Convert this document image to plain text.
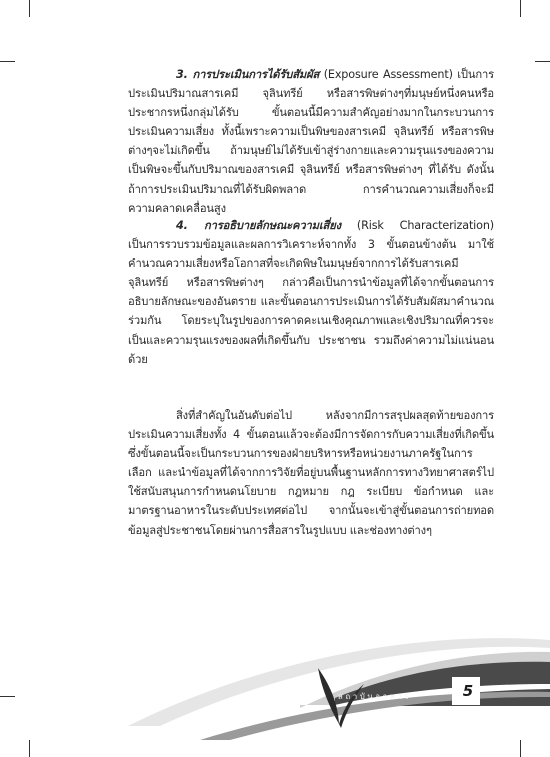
3. การประเมินการได้รับสัมผัส (Exposure Assessment) เป็นการประเมินปริมาณสารเคมี จุลินทรีย์ หรือสารพิษต่างๆที่มนุษย์หนึ่งคนหรือประชากรหนึ่งกลุ่มได้รับ ขั้นตอนนี้มีความสำคัญอย่างมากในกระบวนการประเมินความเสี่ยง ทั้งนี้เพราะความเป็นพิษของสารเคมี จุลินทรีย์ หรือสารพิษต่างๆจะไม่เกิดขึ้น ถ้ามนุษย์ไม่ได้รับเข้าสู่ร่างกายและความรุนแรงของความเป็นพิษจะขึ้นกับปริมาณของสารเคมี จุลินทรีย์ หรือสารพิษต่างๆ ที่ได้รับ ดังนั้นถ้าการประเมินปริมาณที่ได้รับผิดพลาด การคำนวณความเสี่ยงก็จะมีความคลาดเคลื่อนสูง

4. การอธิบายลักษณะความเสี่ยง (Risk Characterization) เป็นการรวบรวมข้อมูลและผลการวิเคราะห์จากทั้ง 3 ขั้นตอนข้างต้น มาใช้คำนวณความเสี่ยงหรือโอกาสที่จะเกิดพิษในมนุษย์จากการได้รับสารเคมี จุลินทรีย์ หรือสารพิษต่างๆ กล่าวคือเป็นการนำข้อมูลที่ได้จากขั้นตอนการอธิบายลักษณะของอันตราย และขั้นตอนการประเมินการได้รับสัมผัสมาคำนวณร่วมกัน โดยระบุในรูปของการคาดคะเนเชิงคุณภาพและเชิงปริมาณที่ควรจะเป็นและความรุนแรงของผลที่เกิดขึ้นกับ ประชาชน รวมถึงค่าความไม่แน่นอนด้วย

สิ่งที่สำคัญในอันดับต่อไป หลังจากมีการสรุปผลสุดท้ายของการประเมินความเสี่ยงทั้ง 4 ขั้นตอนแล้วจะต้องมีการจัดการกับความเสี่ยงที่เกิดขึ้น ซึ่งขั้นตอนนี้จะเป็นกระบวนการของฝ่ายบริหารหรือหน่วยงานภาครัฐในการเลือก และนำข้อมูลที่ได้จากการวิจัยที่อยู่บนพื้นฐานหลักการทางวิทยาศาสตร์ไปใช้สนับสนุนการกำหนดนโยบาย กฎหมาย กฎ ระเบียบ ข้อกำหนด และมาตรฐานอาหารในระดับประเทศต่อไป จากนั้นจะเข้าสู่ขั้นตอนการถ่ายทอดข้อมูลสู่ประชาชนโดยผ่านการสื่อสารในรูปแบบ และช่องทางต่างๆ

สถาบันอาหาร	5
